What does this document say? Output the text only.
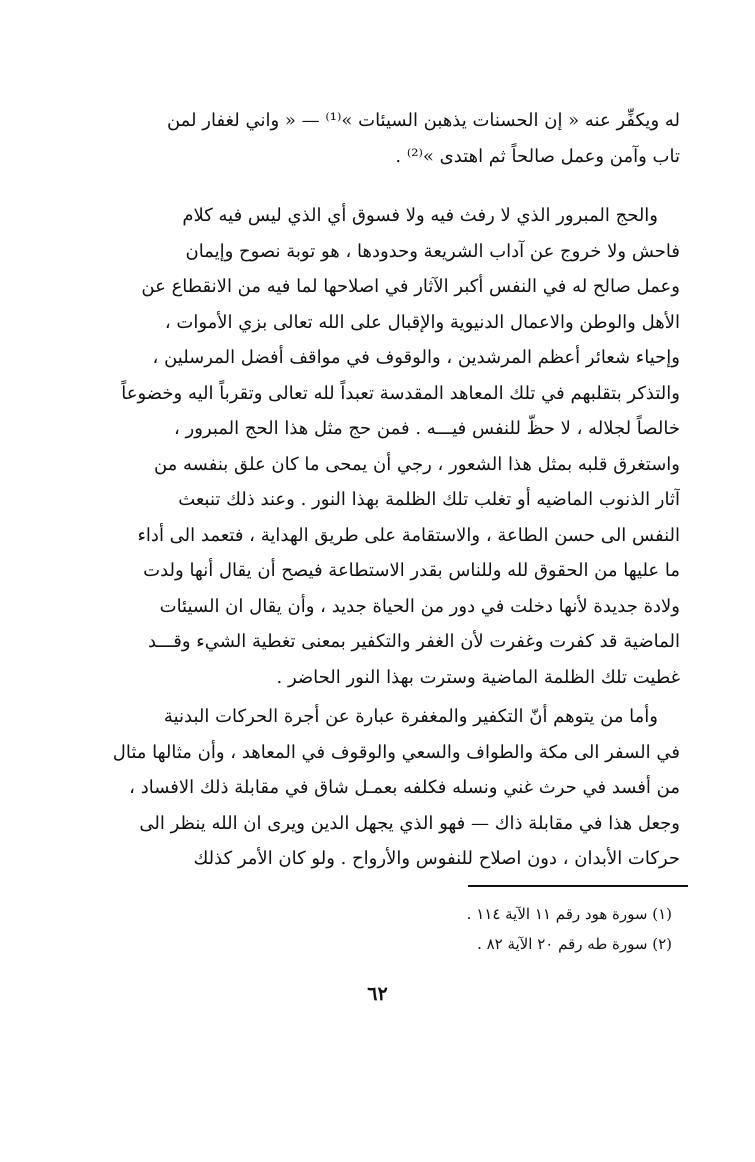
له ويكفِّر عنه « إن الحسنات يذهبن السيئات »⁽¹⁾ — « واني لغفار لمن
تاب وآمن وعمل صالحاً ثم اهتدى »⁽²⁾ .

والحج المبرور الذي لا رفث فيه ولا فسوق أي الذي ليس فيه كلام
فاحش ولا خروج عن آداب الشريعة وحدودها ، هو توبة نصوح وإيمان
وعمل صالح له في النفس أكبر الآثار في اصلاحها لما فيه من الانقطاع عن
الأهل والوطن والاعمال الدنيوية والإقبال على الله تعالى بزي الأموات ،
وإحياء شعائر أعظم المرشدين ، والوقوف في مواقف أفضل المرسلين ،
والتذكر بتقلبهم في تلك المعاهد المقدسة تعبداً لله تعالى وتقرباً اليه وخضوعاً
خالصاً لجلاله ، لا حظّ للنفس فيـــه . فمن حج مثل هذا الحج المبرور ،
واستغرق قلبه بمثل هذا الشعور ، رجي أن يمحى ما كان علق بنفسه من
آثار الذنوب الماضيه أو تغلب تلك الظلمة بهذا النور . وعند ذلك تنبعث
النفس الى حسن الطاعة ، والاستقامة على طريق الهداية ، فتعمد الى أداء
ما عليها من الحقوق لله وللناس بقدر الاستطاعة فيصح أن يقال أنها ولدت
ولادة جديدة لأنها دخلت في دور من الحياة جديد ، وأن يقال ان السيئات
الماضية قد كفرت وغفرت لأن الغفر والتكفير بمعنى تغطية الشيء وقـــد
غطيت تلك الظلمة الماضية وسترت بهذا النور الحاضر .

وأما من يتوهم أنّ التكفير والمغفرة عبارة عن أجرة الحركات البدنية
في السفر الى مكة والطواف والسعي والوقوف في المعاهد ، وأن مثالها مثال
من أفسد في حرث غني ونسله فكلفه بعمـل شاق في مقابلة ذلك الافساد ،
وجعل هذا في مقابلة ذاك — فهو الذي يجهل الدين ويرى ان الله ينظر الى
حركات الأبدان ، دون اصلاح للنفوس والأرواح . ولو كان الأمر كذلك

(١) سورة هود رقم ١١ الآية ١١٤ .
(٢) سورة طه رقم ٢٠ الآية ٨٢ .
٦٢
